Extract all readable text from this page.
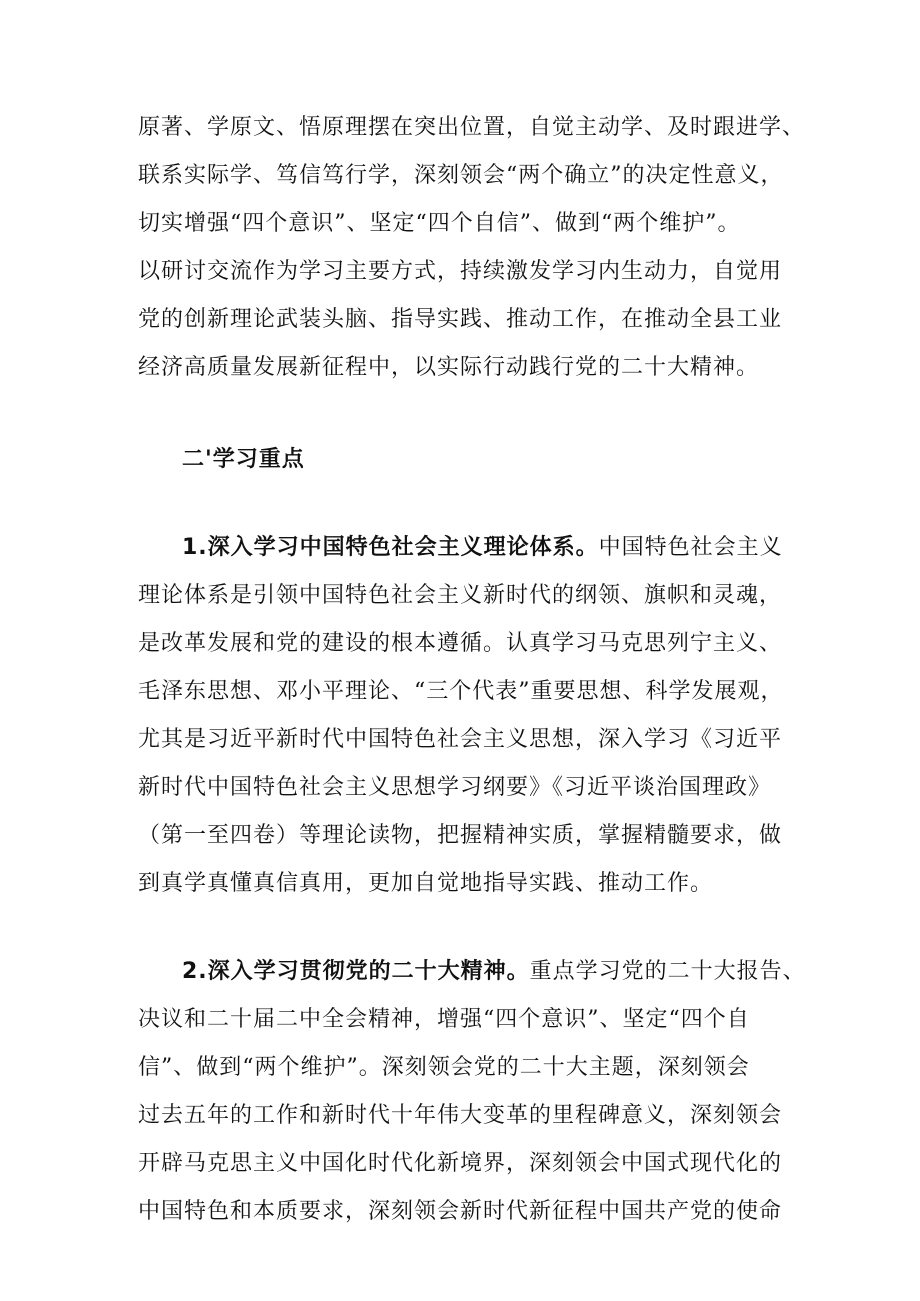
原著、学原文、悟原理摆在突出位置，自觉主动学、及时跟进学、
联系实际学、笃信笃行学，深刻领会“两个确立”的决定性意义，
切实增强“四个意识”、坚定“四个自信”、做到“两个维护”。
以研讨交流作为学习主要方式，持续激发学习内生动力，自觉用
党的创新理论武装头脑、指导实践、推动工作，在推动全县工业
经济高质量发展新征程中，以实际行动践行党的二十大精神。
二'学习重点
1.深入学习中国特色社会主义理论体系。中国特色社会主义
理论体系是引领中国特色社会主义新时代的纲领、旗帜和灵魂，
是改革发展和党的建设的根本遵循。认真学习马克思列宁主义、
毛泽东思想、邓小平理论、“三个代表”重要思想、科学发展观，
尤其是习近平新时代中国特色社会主义思想，深入学习《习近平
新时代中国特色社会主义思想学习纲要》《习近平谈治国理政》
（第一至四卷）等理论读物，把握精神实质，掌握精髓要求，做
到真学真懂真信真用，更加自觉地指导实践、推动工作。
2.深入学习贯彻党的二十大精神。重点学习党的二十大报告、
决议和二十届二中全会精神，增强“四个意识”、坚定“四个自
信”、做到“两个维护”。深刻领会党的二十大主题，深刻领会
过去五年的工作和新时代十年伟大变革的里程碑意义，深刻领会
开辟马克思主义中国化时代化新境界，深刻领会中国式现代化的
中国特色和本质要求，深刻领会新时代新征程中国共产党的使命
